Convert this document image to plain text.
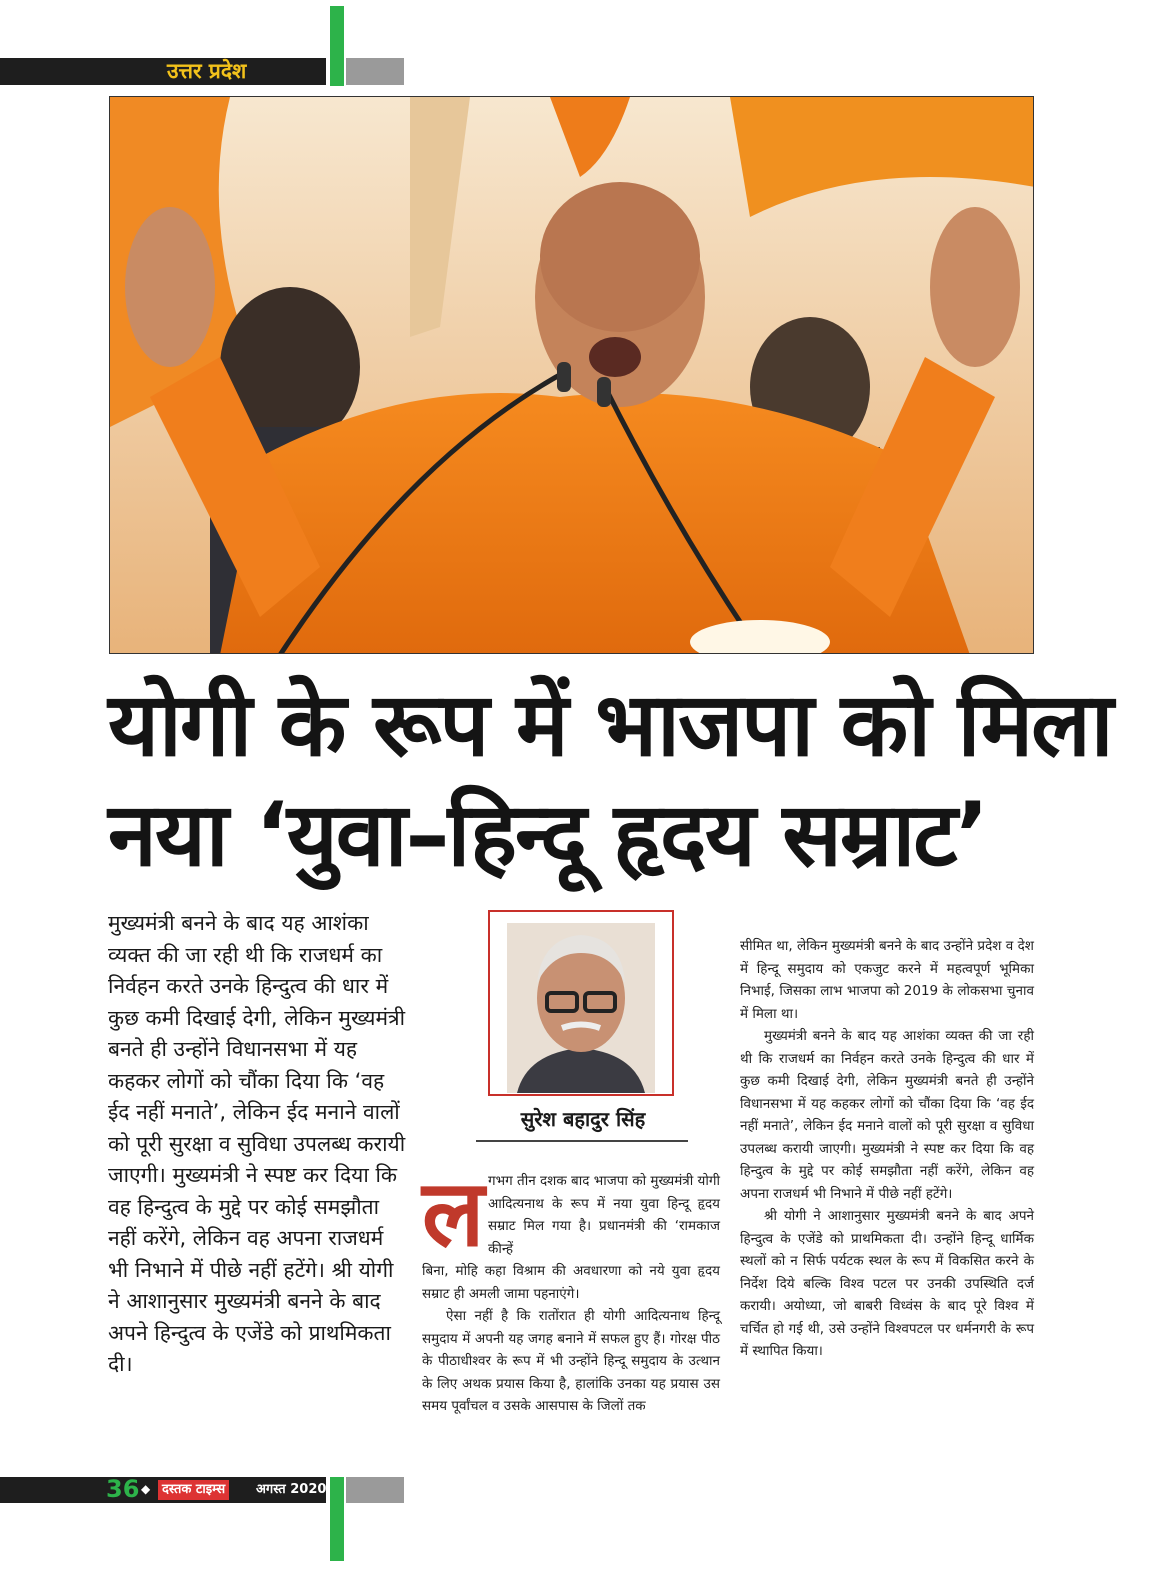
उत्तर प्रदेश
योगी के रूप में भाजपा को मिला
नया ‘युवा–हिन्दू हृदय सम्राट’
मुख्यमंत्री बनने के बाद यह आशंका व्यक्त की जा रही थी कि राजधर्म का निर्वहन करते उनके हिन्दुत्व की धार में कुछ कमी दिखाई देगी, लेकिन मुख्यमंत्री बनते ही उन्होंने विधानसभा में यह कहकर लोगों को चौंका दिया कि ‘वह ईद नहीं मनाते’, लेकिन ईद मनाने वालों को पूरी सुरक्षा व सुविधा उपलब्ध करायी जाएगी। मुख्यमंत्री ने स्पष्ट कर दिया कि वह हिन्दुत्व के मुद्दे पर कोई समझौता नहीं करेंगे, लेकिन वह अपना राजधर्म भी निभाने में पीछे नहीं हटेंगे। श्री योगी ने आशानुसार मुख्यमंत्री बनने के बाद अपने हिन्दुत्व के एजेंडे को प्राथमिकता दी।
सुरेश बहादुर सिंह
ल गभग तीन दशक बाद भाजपा को मुख्यमंत्री योगी आदित्यनाथ के रूप में नया युवा हिन्दू हृदय सम्राट मिल गया है। प्रधानमंत्री की ‘रामकाज कीन्हें

बिना, मोहि कहा विश्राम की अवधारणा को नये युवा हृदय सम्राट ही अमली जामा पहनाएंगे।

ऐसा नहीं है कि रातोंरात ही योगी आदित्यनाथ हिन्दू समुदाय में अपनी यह जगह बनाने में सफल हुए हैं। गोरक्ष पीठ के पीठाधीश्वर के रूप में भी उन्होंने हिन्दू समुदाय के उत्थान के लिए अथक प्रयास किया है, हालांकि उनका यह प्रयास उस समय पूर्वांचल व उसके आसपास के जिलों तक

सीमित था, लेकिन मुख्यमंत्री बनने के बाद उन्होंने प्रदेश व देश में हिन्दू समुदाय को एकजुट करने में महत्वपूर्ण भूमिका निभाई, जिसका लाभ भाजपा को 2019 के लोकसभा चुनाव में मिला था।

मुख्यमंत्री बनने के बाद यह आशंका व्यक्त की जा रही थी कि राजधर्म का निर्वहन करते उनके हिन्दुत्व की धार में कुछ कमी दिखाई देगी, लेकिन मुख्यमंत्री बनते ही उन्होंने विधानसभा में यह कहकर लोगों को चौंका दिया कि ‘वह ईद नहीं मनाते’, लेकिन ईद मनाने वालों को पूरी सुरक्षा व सुविधा उपलब्ध करायी जाएगी। मुख्यमंत्री ने स्पष्ट कर दिया कि वह हिन्दुत्व के मुद्दे पर कोई समझौता नहीं करेंगे, लेकिन वह अपना राजधर्म भी निभाने में पीछे नहीं हटेंगे।

श्री योगी ने आशानुसार मुख्यमंत्री बनने के बाद अपने हिन्दुत्व के एजेंडे को प्राथमिकता दी। उन्होंने हिन्दू धार्मिक स्थलों को न सिर्फ पर्यटक स्थल के रूप में विकसित करने के निर्देश दिये बल्कि विश्व पटल पर उनकी उपस्थिति दर्ज करायी। अयोध्या, जो बाबरी विध्वंस के बाद पूरे विश्व में चर्चित हो गई थी, उसे उन्होंने विश्वपटल पर धर्मनगरी के रूप में स्थापित किया।

36 ◆ दस्तक टाइम्स	अगस्त 2020
